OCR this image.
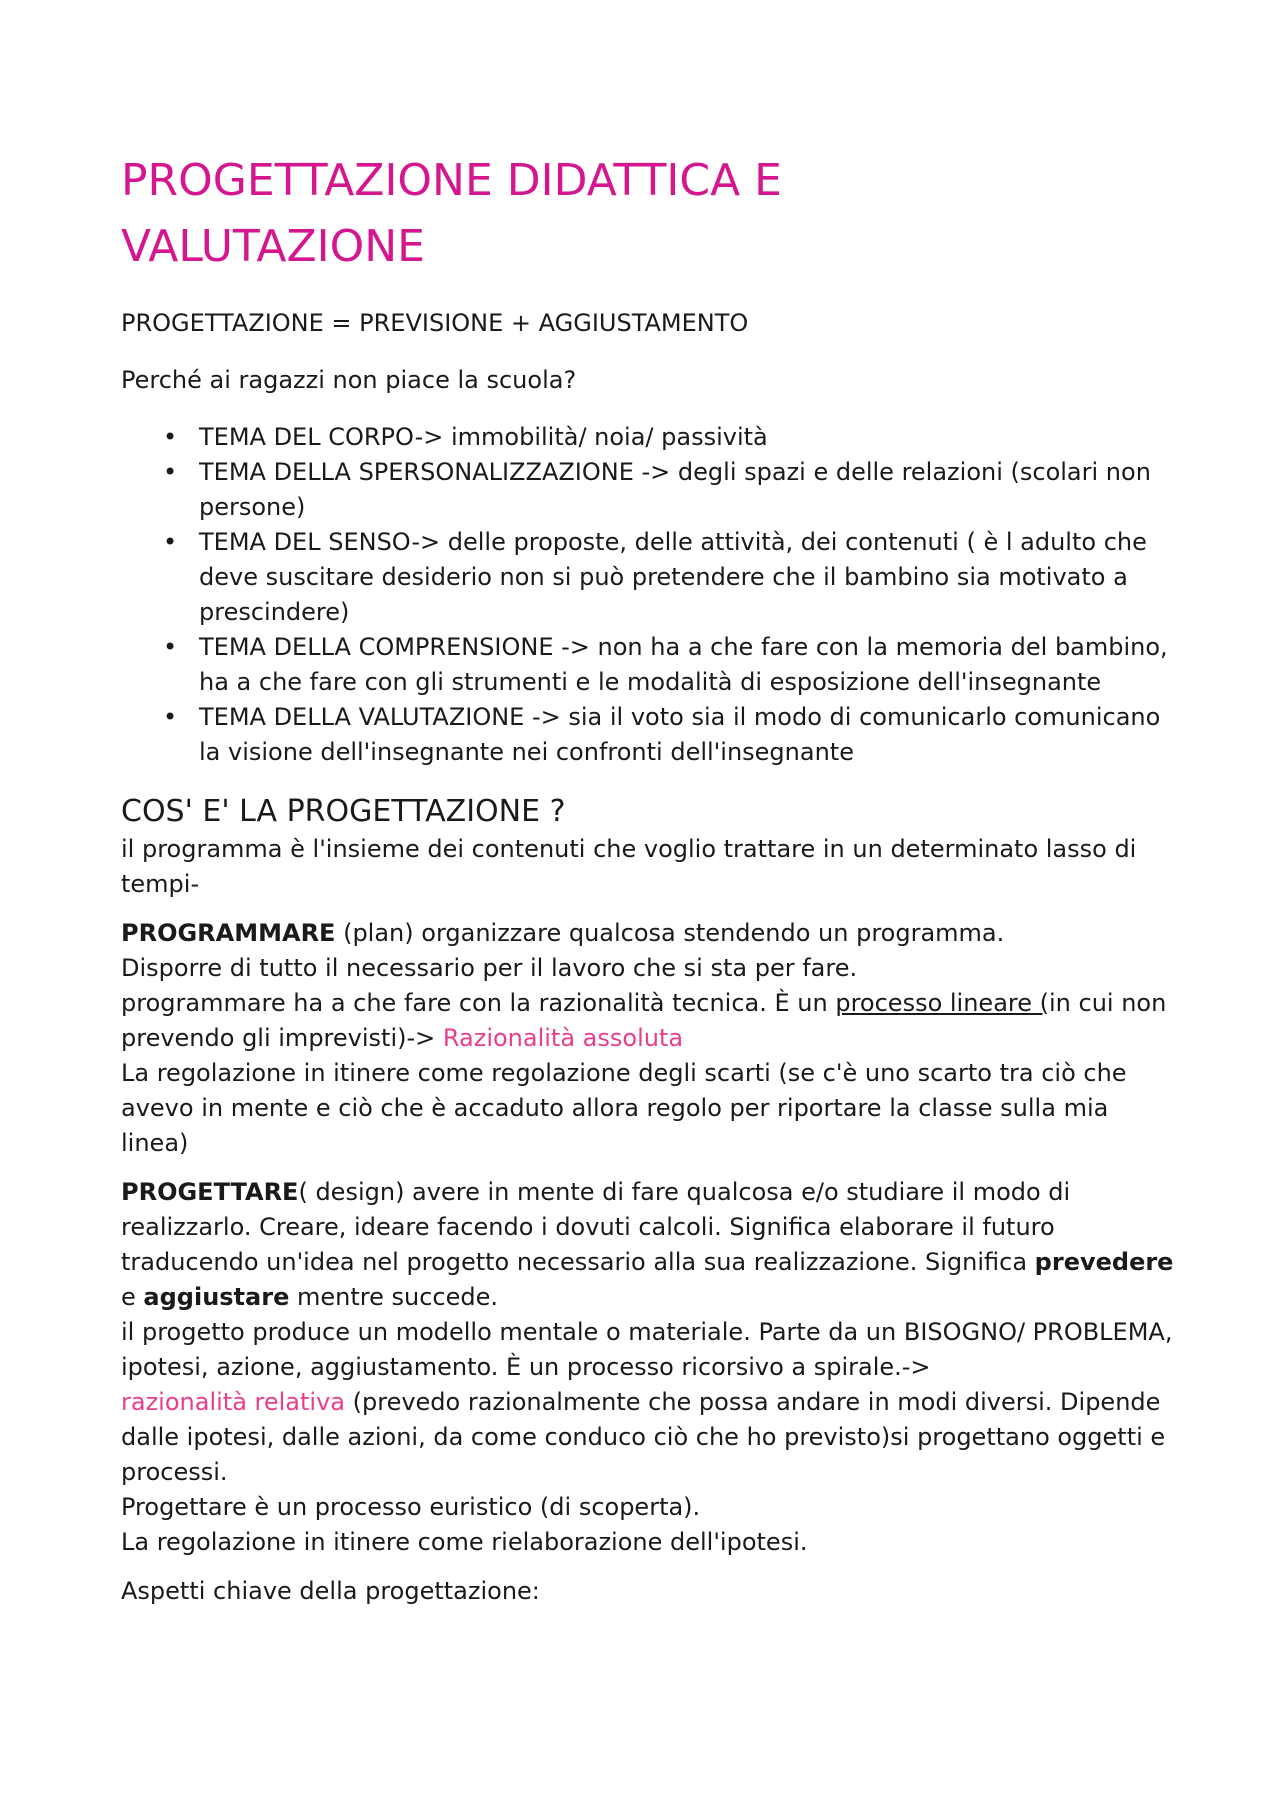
PROGETTAZIONE DIDATTICA E VALUTAZIONE

PROGETTAZIONE = PREVISIONE + AGGIUSTAMENTO

Perché ai ragazzi non piace la scuola?

• TEMA DEL CORPO-> immobilità/ noia/ passività
• TEMA DELLA SPERSONALIZZAZIONE -> degli spazi e delle relazioni (scolari non persone)
• TEMA DEL SENSO-> delle proposte, delle attività, dei contenuti ( è l adulto che deve suscitare desiderio non si può pretendere che il bambino sia motivato a prescindere)
• TEMA DELLA COMPRENSIONE -> non ha a che fare con la memoria del bambino, ha a che fare con gli strumenti e le modalità di esposizione dell'insegnante
• TEMA DELLA VALUTAZIONE -> sia il voto sia il modo di comunicarlo comunicano la visione dell'insegnante nei confronti dell'insegnante
COS' E' LA PROGETTAZIONE ?

il programma è l'insieme dei contenuti che voglio trattare in un determinato lasso di tempi-

PROGRAMMARE (plan) organizzare qualcosa stendendo un programma.

Disporre di tutto il necessario per il lavoro che si sta per fare.

programmare ha a che fare con la razionalità tecnica. È un processo lineare (in cui non prevendo gli imprevisti)-> Razionalità assoluta

La regolazione in itinere come regolazione degli scarti (se c'è uno scarto tra ciò che avevo in mente e ciò che è accaduto allora regolo per riportare la classe sulla mia linea)

PROGETTARE( design) avere in mente di fare qualcosa e/o studiare il modo di realizzarlo. Creare, ideare facendo i dovuti calcoli. Significa elaborare il futuro traducendo un'idea nel progetto necessario alla sua realizzazione. Significa prevedere e aggiustare mentre succede.

il progetto produce un modello mentale o materiale. Parte da un BISOGNO/ PROBLEMA, ipotesi, azione, aggiustamento. È un processo ricorsivo a spirale.->

razionalità relativa (prevedo razionalmente che possa andare in modi diversi. Dipende dalle ipotesi, dalle azioni, da come conduco ciò che ho previsto)si progettano oggetti e processi.

Progettare è un processo euristico (di scoperta).

La regolazione in itinere come rielaborazione dell'ipotesi.

Aspetti chiave della progettazione:
